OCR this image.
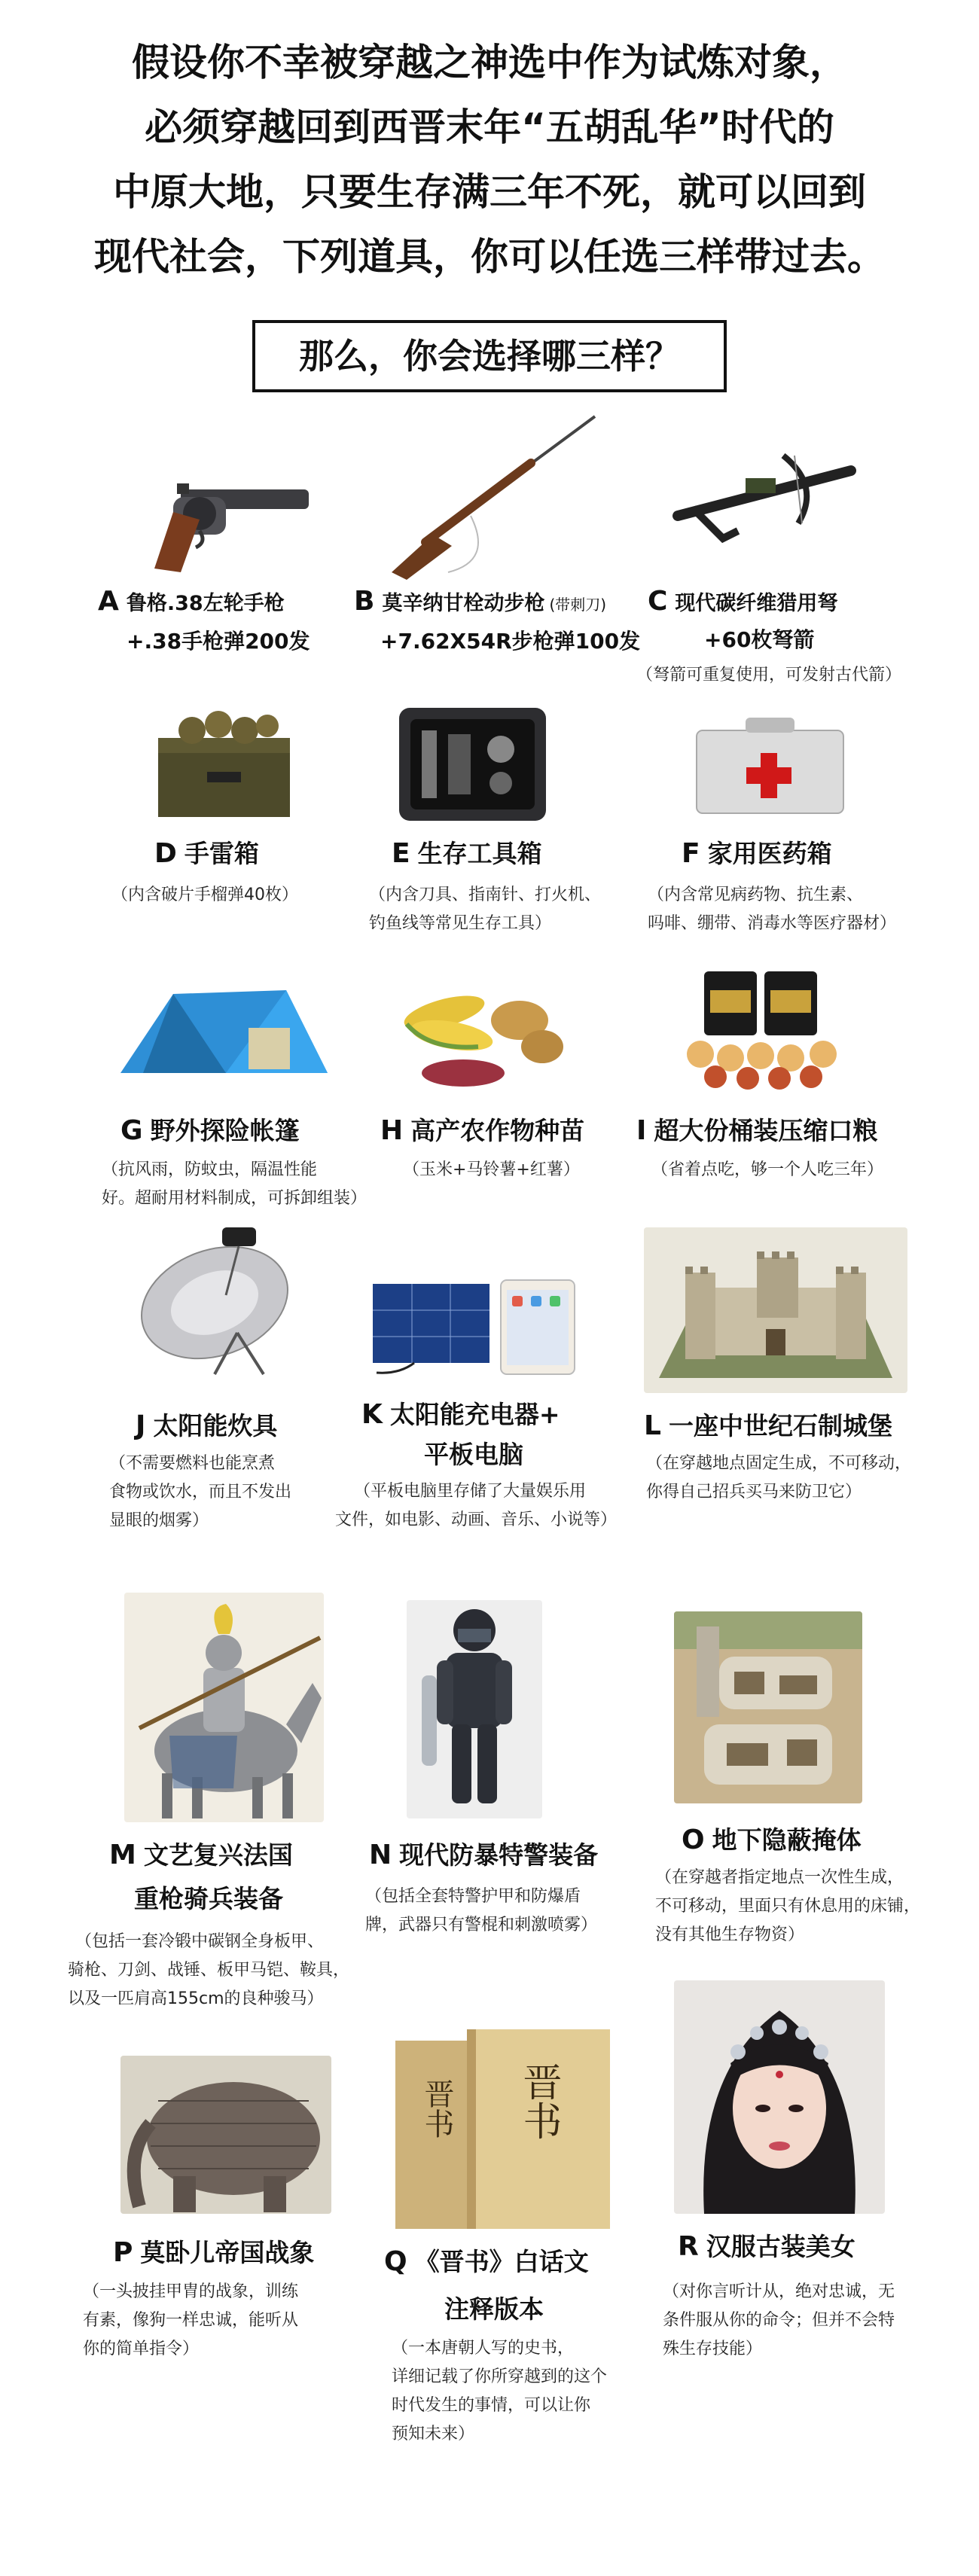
假设你不幸被穿越之神选中作为试炼对象，
必须穿越回到西晋末年“五胡乱华”时代的
中原大地，只要生存满三年不死，就可以回到
现代社会，下列道具，你可以任选三样带过去。
那么，你会选择哪三样？
A 鲁格.38左轮手枪
+.38手枪弹200发
B 莫辛纳甘栓动步枪 (带刺刀)
+7.62X54R步枪弹100发
C 现代碳纤维猎用弩
+60枚弩箭
（弩箭可重复使用，可发射古代箭）
D 手雷箱
（内含破片手榴弹40枚）
E 生存工具箱
（内含刀具、指南针、打火机、
钓鱼线等常见生存工具）
F 家用医药箱
（内含常见病药物、抗生素、
吗啡、绷带、消毒水等医疗器材）
G 野外探险帐篷
（抗风雨，防蚊虫，隔温性能
好。超耐用材料制成，可拆卸组装）
H 高产农作物种苗
（玉米+马铃薯+红薯）
I 超大份桶装压缩口粮
（省着点吃，够一个人吃三年）
J 太阳能炊具
（不需要燃料也能烹煮
食物或饮水，而且不发出
显眼的烟雾）
K 太阳能充电器+
平板电脑
（平板电脑里存储了大量娱乐用
文件，如电影、动画、音乐、小说等）
L 一座中世纪石制城堡
（在穿越地点固定生成，不可移动，
你得自己招兵买马来防卫它）
M 文艺复兴法国
重枪骑兵装备
（包括一套冷锻中碳钢全身板甲、
骑枪、刀剑、战锤、板甲马铠、鞍具，
以及一匹肩高155cm的良种骏马）
N 现代防暴特警装备
（包括全套特警护甲和防爆盾
牌，武器只有警棍和刺激喷雾）
O 地下隐蔽掩体
（在穿越者指定地点一次性生成，
不可移动，里面只有休息用的床铺，
没有其他生存物资）
P 莫卧儿帝国战象
（一头披挂甲胄的战象，训练
有素，像狗一样忠诚，能听从
你的简单指令）
晋书
晋书
Q 《晋书》白话文
注释版本
（一本唐朝人写的史书，
详细记载了你所穿越到的这个
时代发生的事情，可以让你
预知未来）
R 汉服古装美女
（对你言听计从，绝对忠诚，无
条件服从你的命令；但并不会特
殊生存技能）
